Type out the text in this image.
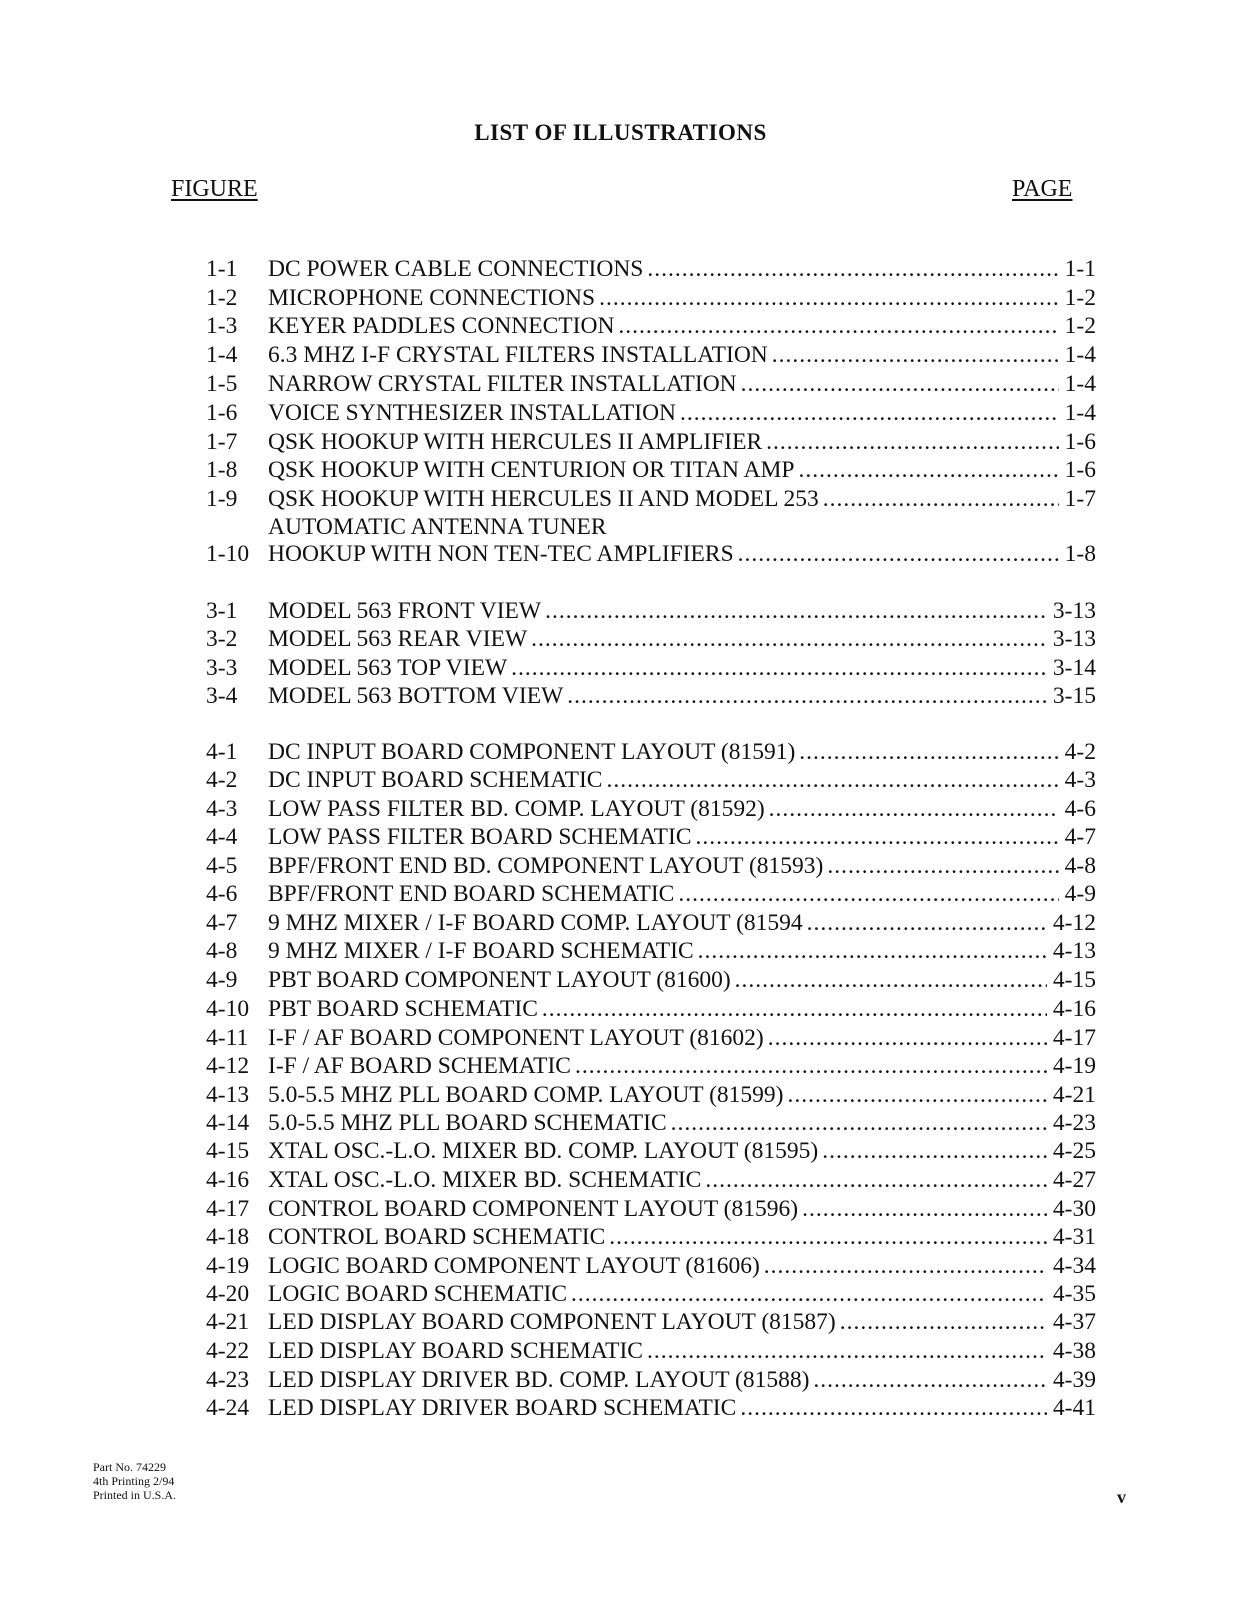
LIST OF ILLUSTRATIONS
FIGURE	PAGE
1-1	DC POWER CABLE CONNECTIONS .....	1-1
1-2	MICROPHONE CONNECTIONS .....	1-2
1-3	KEYER PADDLES CONNECTION .....	1-2
1-4	6.3 MHZ I-F CRYSTAL FILTERS INSTALLATION .....	1-4
1-5	NARROW CRYSTAL FILTER INSTALLATION .....	1-4
1-6	VOICE SYNTHESIZER INSTALLATION .....	1-4
1-7	QSK HOOKUP WITH HERCULES II AMPLIFIER .....	1-6
1-8	QSK HOOKUP WITH CENTURION OR TITAN AMP .....	1-6
1-9	QSK HOOKUP WITH HERCULES II AND MODEL 253 .....	1-7
AUTOMATIC ANTENNA TUNER
1-10 HOOKUP WITH NON TEN-TEC AMPLIFIERS .....	1-8
3-1	MODEL 563 FRONT VIEW .....	3-13
3-2	MODEL 563 REAR VIEW .....	3-13
3-3	MODEL 563 TOP VIEW .....	3-14
3-4	MODEL 563 BOTTOM VIEW .....	3-15
4-1	DC INPUT BOARD COMPONENT LAYOUT (81591) .....	4-2
4-2	DC INPUT BOARD SCHEMATIC .....	4-3
4-3	LOW PASS FILTER BD. COMP. LAYOUT (81592) .....	4-6
4-4	LOW PASS FILTER BOARD SCHEMATIC .....	4-7
4-5	BPF/FRONT END BD. COMPONENT LAYOUT (81593) .....	4-8
4-6	BPF/FRONT END BOARD SCHEMATIC .....	4-9
4-7	9 MHZ MIXER / I-F BOARD COMP. LAYOUT (81594 .....	4-12
4-8	9 MHZ MIXER / I-F BOARD SCHEMATIC .....	4-13
4-9	PBT BOARD COMPONENT LAYOUT (81600) .....	4-15
4-10 PBT BOARD SCHEMATIC .....	4-16
4-11 I-F / AF BOARD COMPONENT LAYOUT (81602) .....	4-17
4-12 I-F / AF BOARD SCHEMATIC .....	4-19
4-13 5.0-5.5 MHZ PLL BOARD COMP. LAYOUT (81599) .....	4-21
4-14 5.0-5.5 MHZ PLL BOARD SCHEMATIC .....	4-23
4-15 XTAL OSC.-L.O. MIXER BD. COMP. LAYOUT (81595) .....	4-25
4-16 XTAL OSC.-L.O. MIXER BD. SCHEMATIC .....	4-27
4-17 CONTROL BOARD COMPONENT LAYOUT (81596) .....	4-30
4-18 CONTROL BOARD SCHEMATIC .....	4-31
4-19 LOGIC BOARD COMPONENT LAYOUT (81606) .....	4-34
4-20 LOGIC BOARD SCHEMATIC .....	4-35
4-21 LED DISPLAY BOARD COMPONENT LAYOUT (81587) .....	4-37
4-22 LED DISPLAY BOARD SCHEMATIC .....	4-38
4-23 LED DISPLAY DRIVER BD. COMP. LAYOUT (81588) .....	4-39
4-24 LED DISPLAY DRIVER BOARD SCHEMATIC .....	4-41
Part No. 74229
4th Printing 2/94
Printed in U.S.A.	v
